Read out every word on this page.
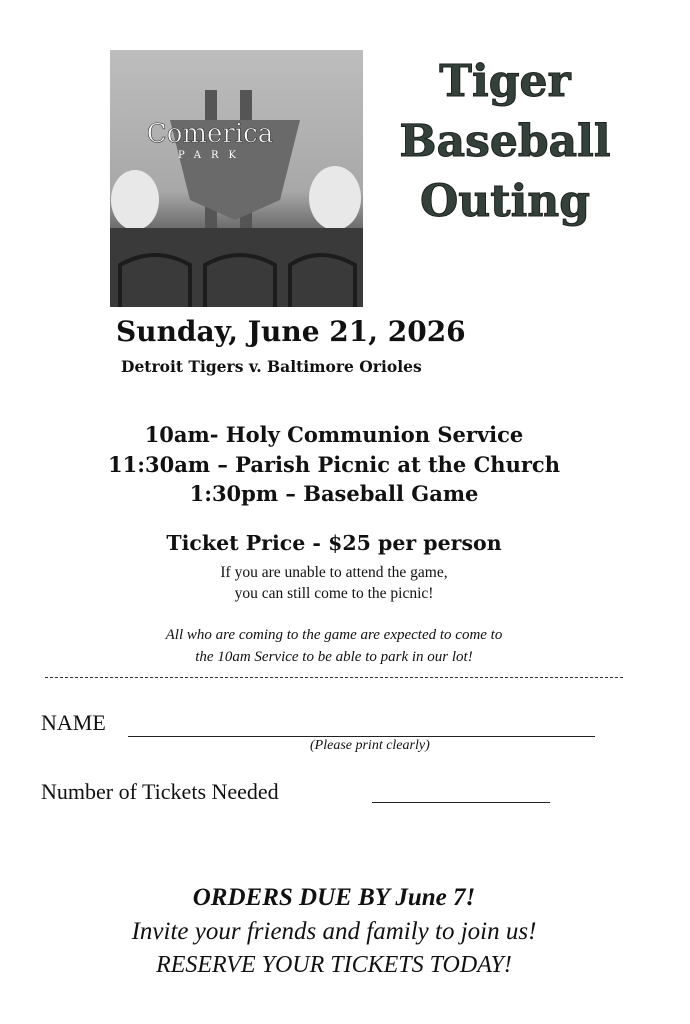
Comerica
PARK
Tiger
Baseball
Outing
Sunday, June 21, 2026
Detroit Tigers v. Baltimore Orioles
10am- Holy Communion Service
11:30am – Parish Picnic at the Church
1:30pm – Baseball Game
Ticket Price - $25 per person
If you are unable to attend the game,
you can still come to the picnic!
All who are coming to the game are expected to come to
the 10am Service to be able to park in our lot!
NAME
(Please print clearly)
Number of Tickets Needed
ORDERS DUE BY June 7!
Invite your friends and family to join us!
RESERVE YOUR TICKETS TODAY!
